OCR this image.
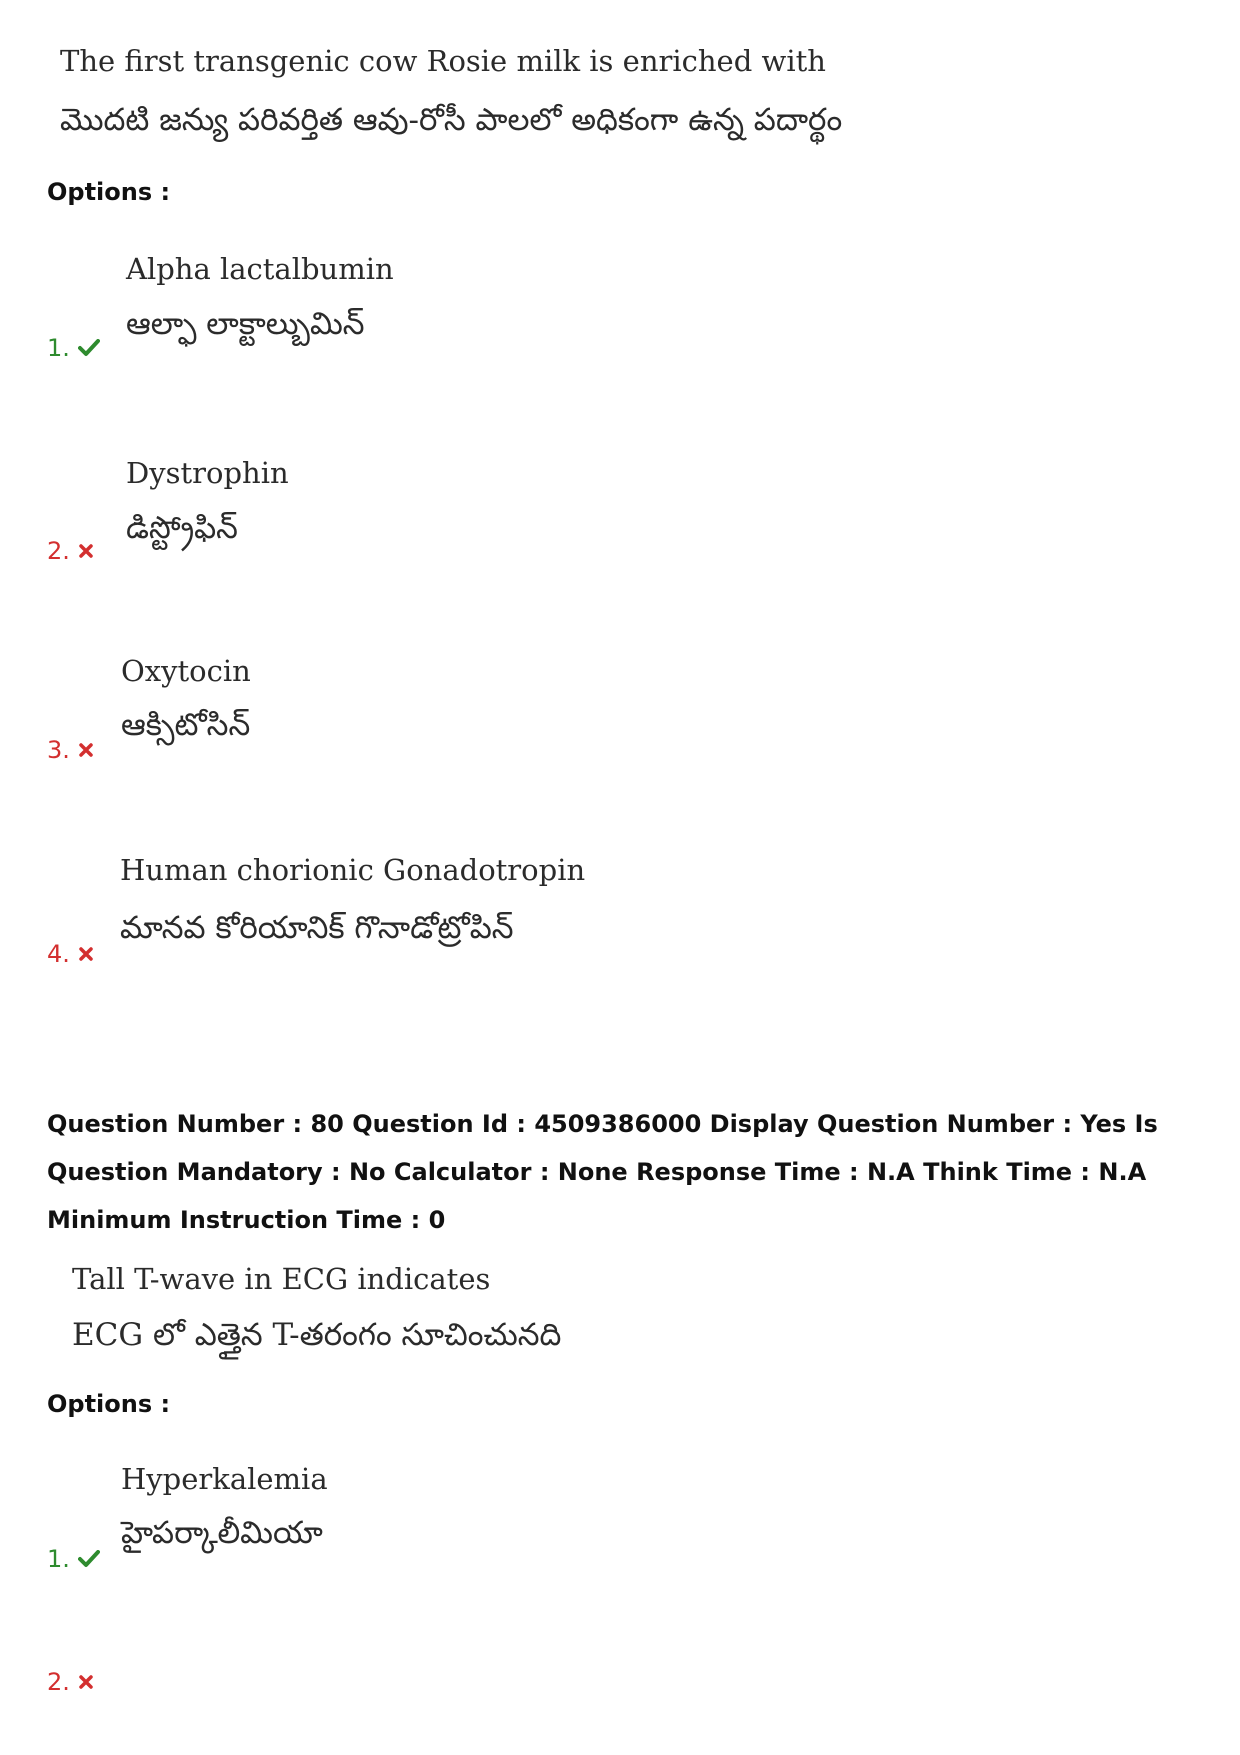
The first transgenic cow Rosie milk is enriched with
మొదటి జన్యు పరివర్తిత ఆవు-రోసీ పాలలో అధికంగా ఉన్న పదార్థం
Options :
Alpha lactalbumin
ఆల్ఫా లాక్టాల్బుమిన్
1.
Dystrophin
డిస్ట్రోఫిన్
2.
Oxytocin
ఆక్సిటోసిన్
3.
Human chorionic Gonadotropin
మానవ కోరియానిక్ గొనాడోట్రోపిన్
4.
Question Number : 80 Question Id : 4509386000 Display Question Number : Yes Is Question Mandatory : No Calculator : None Response Time : N.A Think Time : N.A Minimum Instruction Time : 0
Tall T-wave in ECG indicates
ECG లో ఎత్తైన T-తరంగం సూచించునది
Options :
Hyperkalemia
హైపర్కాలీమియా
1.
2.
